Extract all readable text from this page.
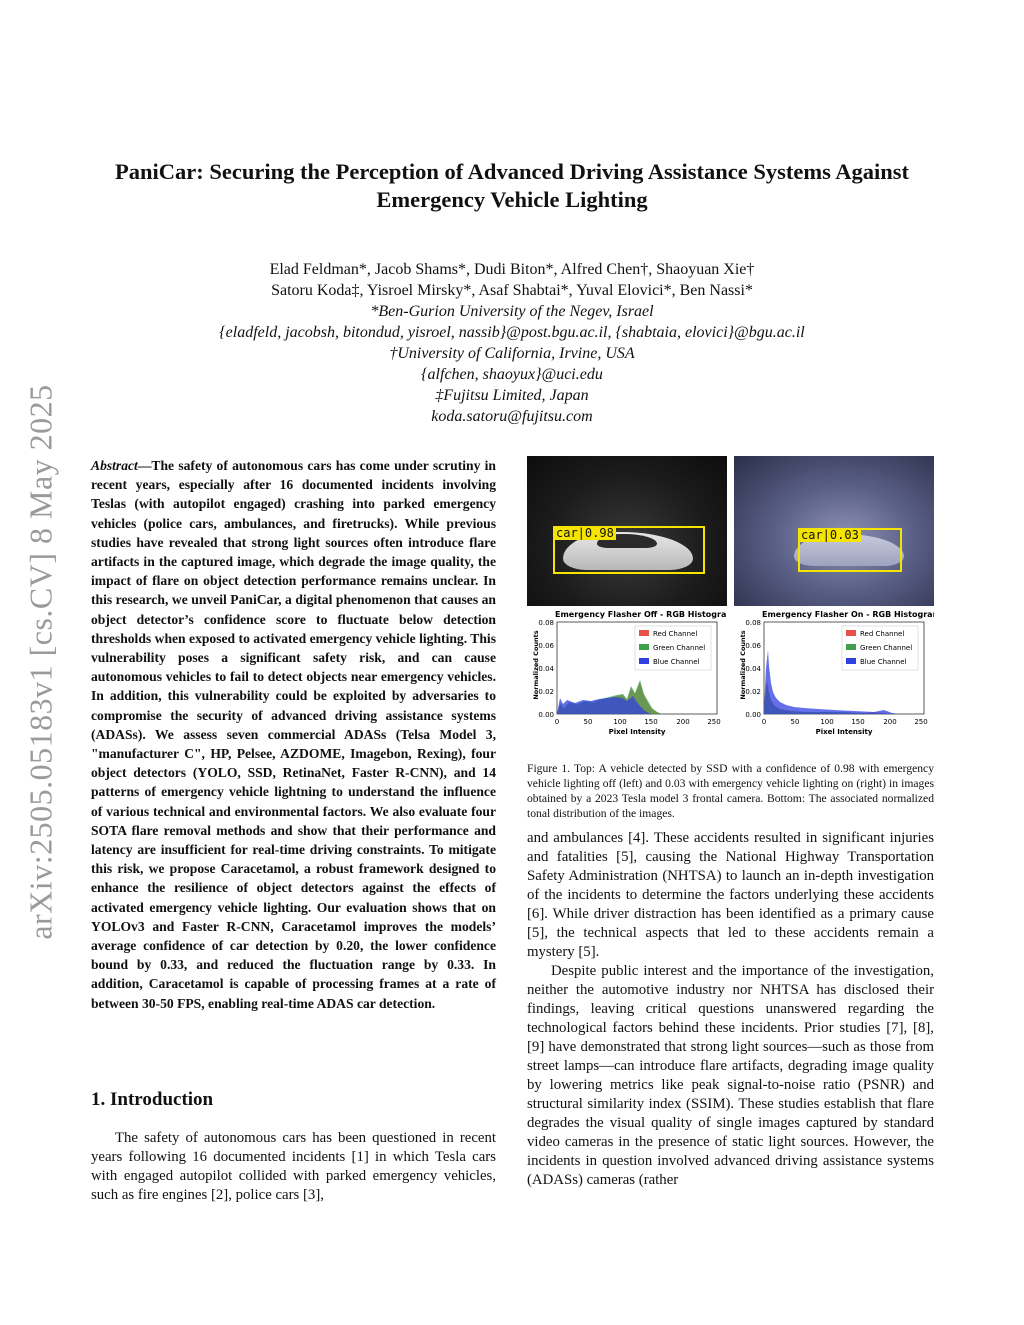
arXiv:2505.05183v1 [cs.CV] 8 May 2025
PaniCar: Securing the Perception of Advanced Driving Assistance Systems Against Emergency Vehicle Lighting
Elad Feldman*, Jacob Shams*, Dudi Biton*, Alfred Chen†, Shaoyuan Xie†
Satoru Koda‡, Yisroel Mirsky*, Asaf Shabtai*, Yuval Elovici*, Ben Nassi*
*Ben-Gurion University of the Negev, Israel
{eladfeld, jacobsh, bitondud, yisroel, nassib}@post.bgu.ac.il, {shabtaia, elovici}@bgu.ac.il
†University of California, Irvine, USA
{alfchen, shaoyux}@uci.edu
‡Fujitsu Limited, Japan
koda.satoru@fujitsu.com
Abstract—The safety of autonomous cars has come under scrutiny in recent years, especially after 16 documented incidents involving Teslas (with autopilot engaged) crashing into parked emergency vehicles (police cars, ambulances, and firetrucks). While previous studies have revealed that strong light sources often introduce flare artifacts in the captured image, which degrade the image quality, the impact of flare on object detection performance remains unclear. In this research, we unveil PaniCar, a digital phenomenon that causes an object detector’s confidence score to fluctuate below detection thresholds when exposed to activated emergency vehicle lighting. This vulnerability poses a significant safety risk, and can cause autonomous vehicles to fail to detect objects near emergency vehicles. In addition, this vulnerability could be exploited by adversaries to compromise the security of advanced driving assistance systems (ADASs). We assess seven commercial ADASs (Telsa Model 3, "manufacturer C", HP, Pelsee, AZDOME, Imagebon, Rexing), four object detectors (YOLO, SSD, RetinaNet, Faster R-CNN), and 14 patterns of emergency vehicle lightning to understand the influence of various technical and environmental factors. We also evaluate four SOTA flare removal methods and show that their performance and latency are insufficient for real-time driving constraints. To mitigate this risk, we propose Caracetamol, a robust framework designed to enhance the resilience of object detectors against the effects of activated emergency vehicle lighting. Our evaluation shows that on YOLOv3 and Faster R-CNN, Caracetamol improves the models’ average confidence of car detection by 0.20, the lower confidence bound by 0.33, and reduced the fluctuation range by 0.33. In addition, Caracetamol is capable of processing frames at a rate of between 30-50 FPS, enabling real-time ADAS car detection.
1. Introduction
The safety of autonomous cars has been questioned in recent years following 16 documented incidents [1] in which Tesla cars with engaged autopilot collided with parked emergency vehicles, such as fire engines [2], police cars [3],
car|0.98	car|0.03
Emergency Flasher Off - RGB Histogram
Normalized Counts
0.08
0.06
0.04
0.02
0.00
0	50	100	150	200	250
Pixel Intensity
Red Channel
Green Channel
Blue Channel
Emergency Flasher On - RGB Histogram
Normalized Counts
0.08
0.06
0.04
0.02
0.00
0	50	100	150	200	250
Pixel Intensity
Red Channel
Green Channel
Blue Channel
Figure 1. Top: A vehicle detected by SSD with a confidence of 0.98 with emergency vehicle lighting off (left) and 0.03 with emergency vehicle lighting on (right) in images obtained by a 2023 Tesla model 3 frontal camera. Bottom: The associated normalized tonal distribution of the images.

and ambulances [4]. These accidents resulted in significant injuries and fatalities [5], causing the National Highway Transportation Safety Administration (NHTSA) to launch an in-depth investigation of the incidents to determine the factors underlying these accidents [6]. While driver distraction has been identified as a primary cause [5], the technical aspects that led to these accidents remain a mystery [5].

Despite public interest and the importance of the investigation, neither the automotive industry nor NHTSA has disclosed their findings, leaving critical questions unanswered regarding the technological factors behind these incidents. Prior studies [7], [8], [9] have demonstrated that strong light sources—such as those from street lamps—can introduce flare artifacts, degrading image quality by lowering metrics like peak signal-to-noise ratio (PSNR) and structural similarity index (SSIM). These studies establish that flare degrades the visual quality of single images captured by standard video cameras in the presence of static light sources. However, the incidents in question involved advanced driving assistance systems (ADASs) cameras (rather
